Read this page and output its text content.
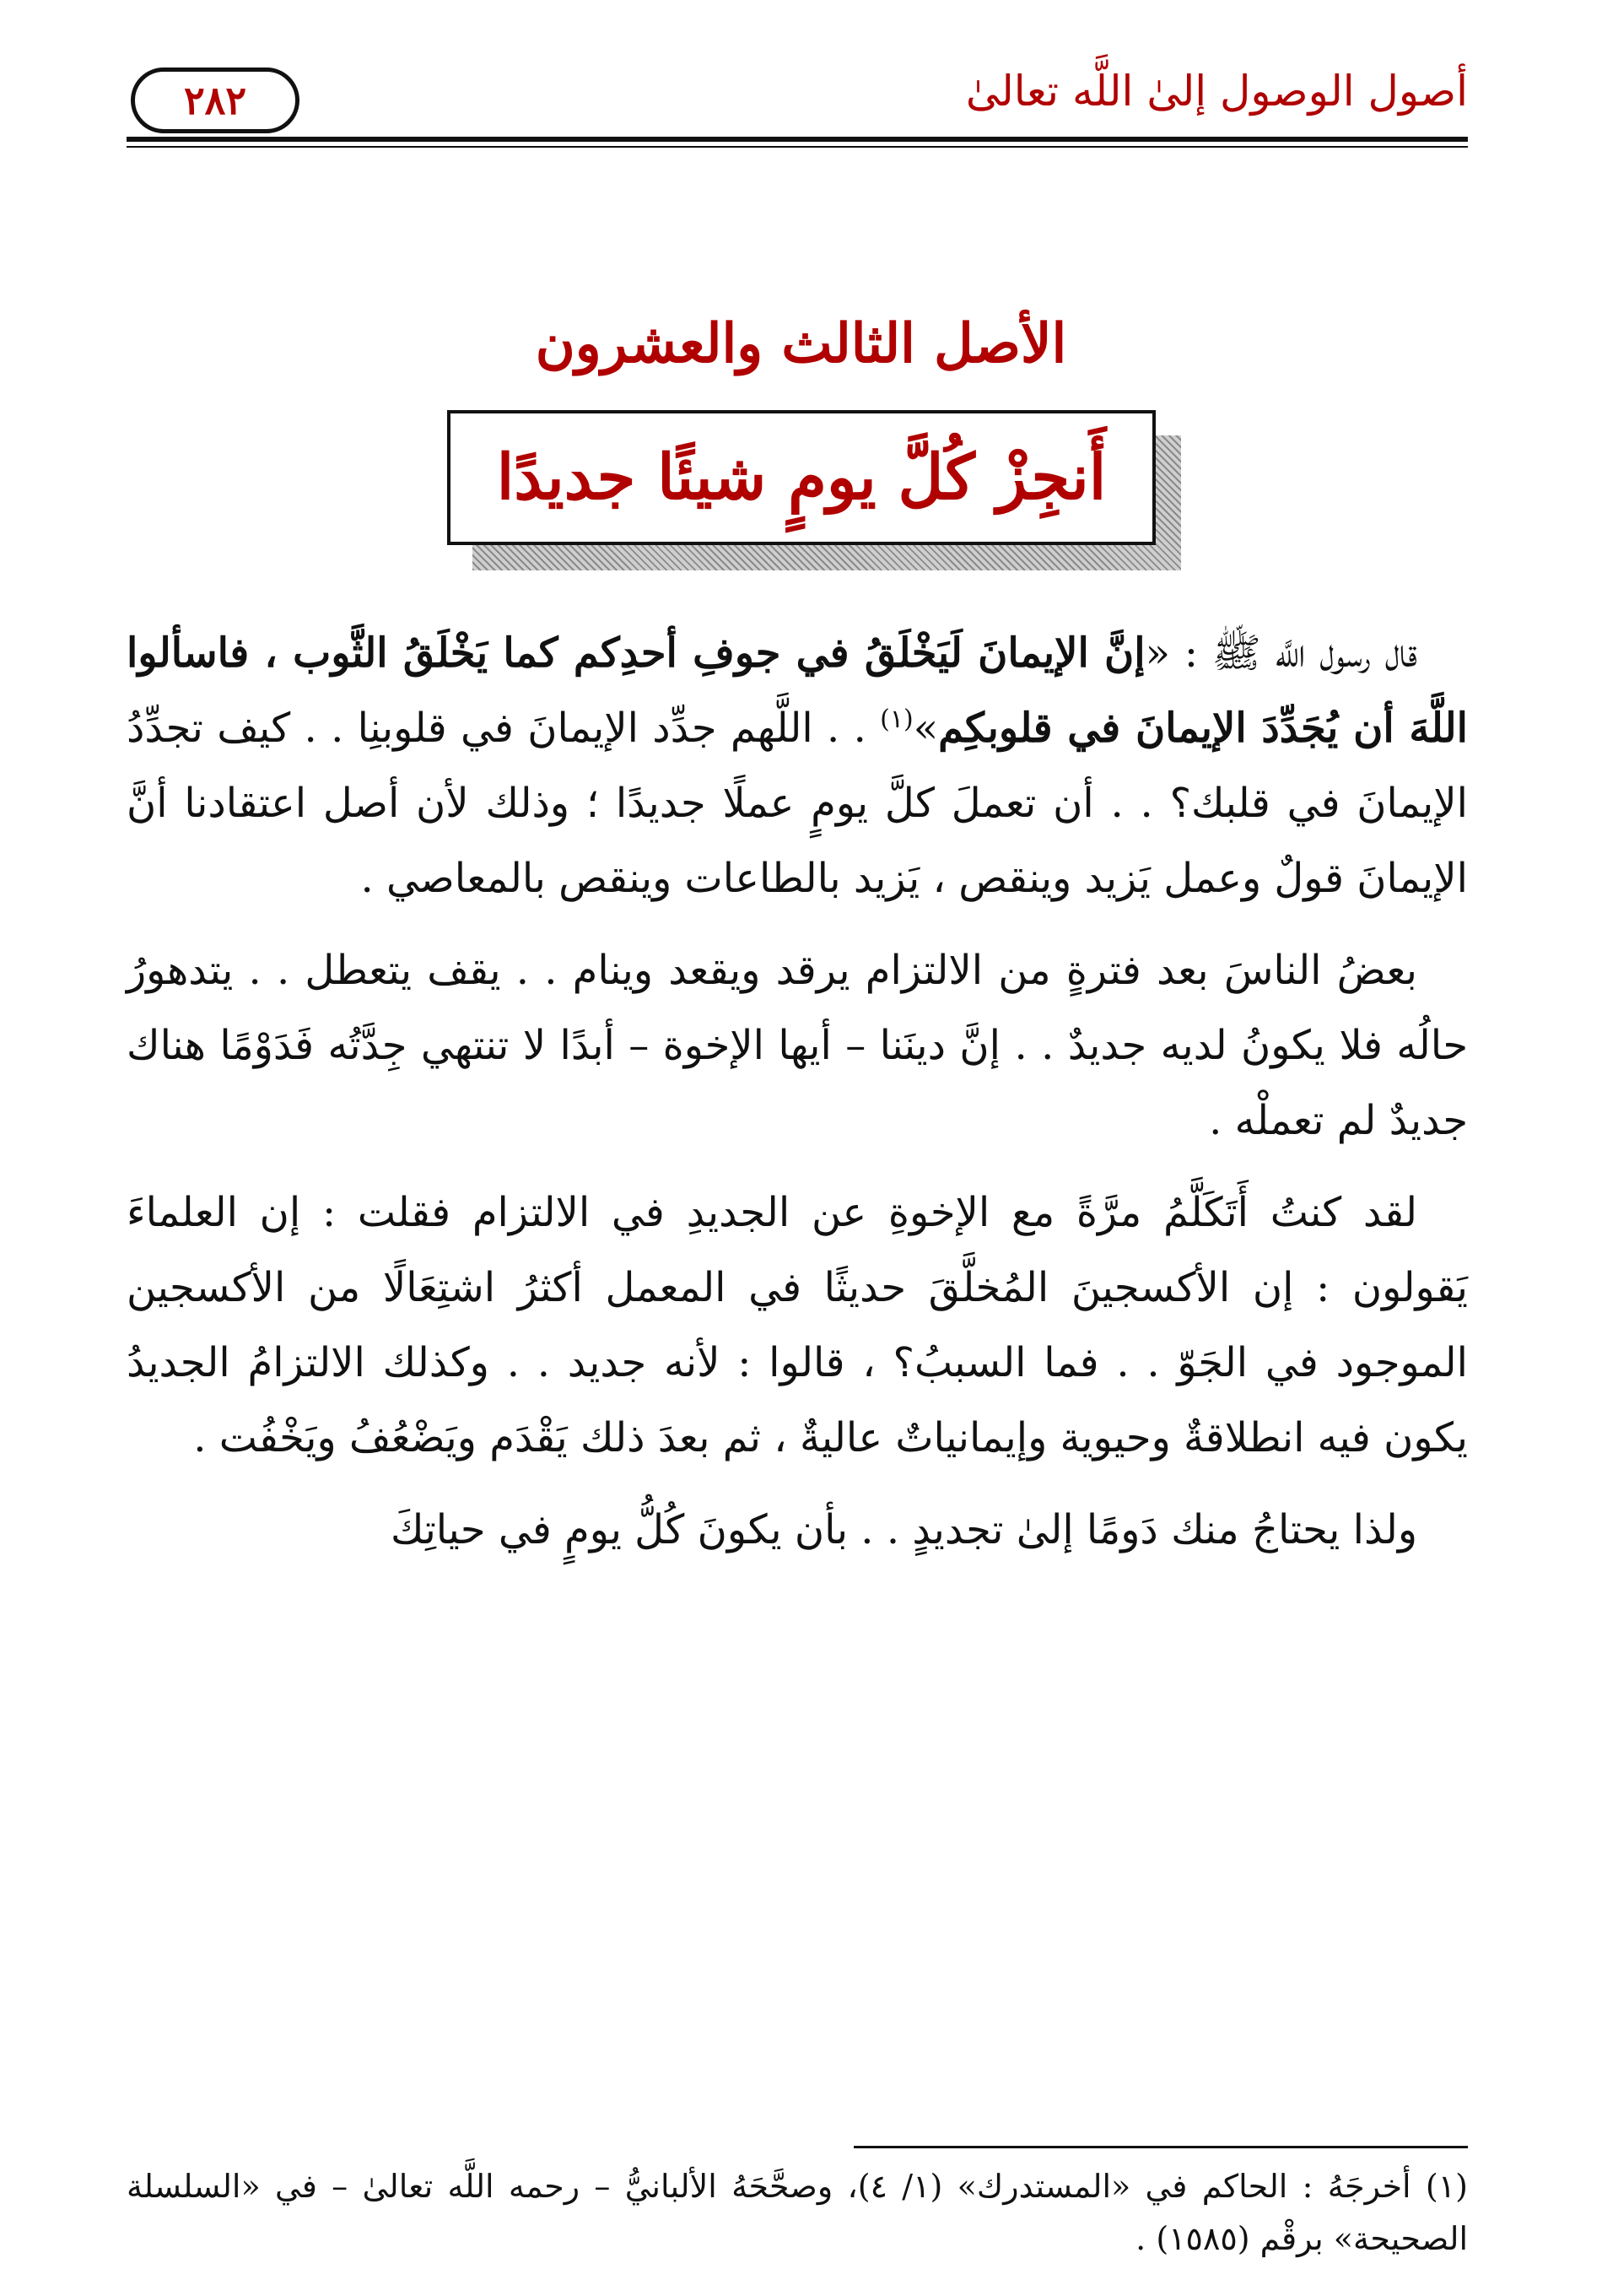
٢٨٢	أصول الوصول إلىٰ اللَّه تعالىٰ
الأصل الثالث والعشرون
أَنجِزْ كُلَّ يومٍ شيئًا جديدًا

قال رسول اللَّه ﷺ : «إنَّ الإيمانَ لَيَخْلَقُ في جوفِ أحدِكم كما يَخْلَقُ الثَّوب ، فاسألوا اللَّهَ أن يُجَدِّدَ الإيمانَ في قلوبكِم»$^{(١)}$ . . اللَّهم جدِّد الإيمانَ في قلوبنِا . . كيف تجدِّدُ الإيمانَ في قلبك؟ . . أن تعملَ كلَّ يومٍ عملًا جديدًا ؛ وذلك لأن أصل اعتقادنا أنَّ الإيمانَ قولٌ وعمل يَزيد وينقص ، يَزيد بالطاعات وينقص بالمعاصي .

بعضُ الناسَ بعد فترةٍ من الالتزام يرقد ويقعد وينام . . يقف يتعطل . . يتدهورُ حالُه فلا يكونُ لديه جديدٌ . . إنَّ دينَنا – أيها الإخوة – أبدًا لا تنتهي جِدَّتُه فَدَوْمًا هناك جديدٌ لم تعملْه .

لقد كنتُ أَتَكَلَّمُ مرَّةً مع الإخوةِ عن الجديدِ في الالتزام فقلت : إن العلماءَ يَقولون : إن الأكسجينَ المُخلَّقَ حديثًا في المعمل أكثرُ اشتِعَالًا من الأكسجين الموجود في الجَوّ . . فما السببُ؟ ، قالوا : لأنه جديد . . وكذلك الالتزامُ الجديدُ يكون فيه انطلاقةٌ وحيوية وإيمانياتٌ عاليةٌ ، ثم بعدَ ذلك يَقْدَم ويَضْعُفُ ويَخْفُت .

ولذا يحتاجُ منك دَومًا إلىٰ تجديدٍ . . بأن يكونَ كُلُّ يومٍ في حياتِكَ

(١) أخرجَهُ : الحاكم في «المستدرك» (١/ ٤)، وصحَّحَهُ الألبانيُّ – رحمه اللَّه تعالىٰ – في «السلسلة الصحيحة» برقْم (١٥٨٥) .
